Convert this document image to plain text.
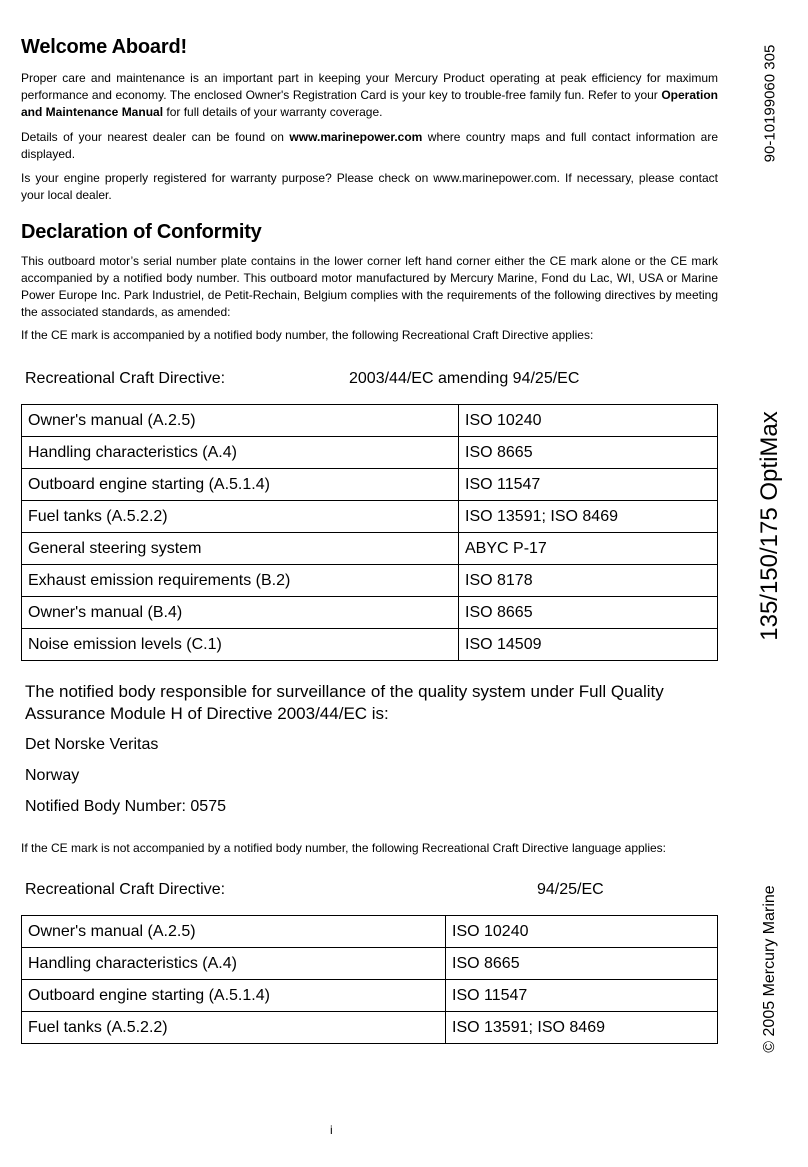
Welcome Aboard!

Proper care and maintenance is an important part in keeping your Mercury Product operating at peak efficiency for maximum performance and economy. The enclosed Owner's Registration Card is your key to trouble-free family fun. Refer to your Operation and Maintenance Manual for full details of your warranty coverage.

Details of your nearest dealer can be found on www.marinepower.com where country maps and full contact information are displayed.

Is your engine properly registered for warranty purpose? Please check on www.marinepower.com. If necessary, please contact your local dealer.

Declaration of Conformity

This outboard motor’s serial number plate contains in the lower corner left hand corner either the CE mark alone or the CE mark accompanied by a notified body number. This outboard motor manufactured by Mercury Marine, Fond du Lac, WI, USA or Marine Power Europe Inc. Park Industriel, de Petit-Rechain, Belgium complies with the requirements of the following directives by meeting the associated standards, as amended:

If the CE mark is accompanied by a notified body number, the following Recreational Craft Directive applies:

Recreational Craft Directive:	2003/44/EC amending 94/25/EC
Owner's manual (A.2.5)	ISO 10240
Handling characteristics (A.4)	ISO 8665
Outboard engine starting (A.5.1.4)	ISO 11547
Fuel tanks (A.5.2.2)	ISO 13591; ISO 8469
General steering system	ABYC P-17
Exhaust emission requirements (B.2)	ISO 8178
Owner's manual (B.4)	ISO 8665
Noise emission levels (C.1)	ISO 14509

The notified body responsible for surveillance of the quality system under Full Quality Assurance Module H of Directive 2003/44/EC is:

Det Norske Veritas

Norway

Notified Body Number: 0575

If the CE mark is not accompanied by a notified body number, the following Recreational Craft Directive language applies:

Recreational Craft Directive:	94/25/EC
Owner's manual (A.2.5)	ISO 10240
Handling characteristics (A.4)	ISO 8665
Outboard engine starting (A.5.1.4)	ISO 11547
Fuel tanks (A.5.2.2)	ISO 13591; ISO 8469
90-10199060 305
135/150/175 OptiMax
© 2005 Mercury Marine
i
